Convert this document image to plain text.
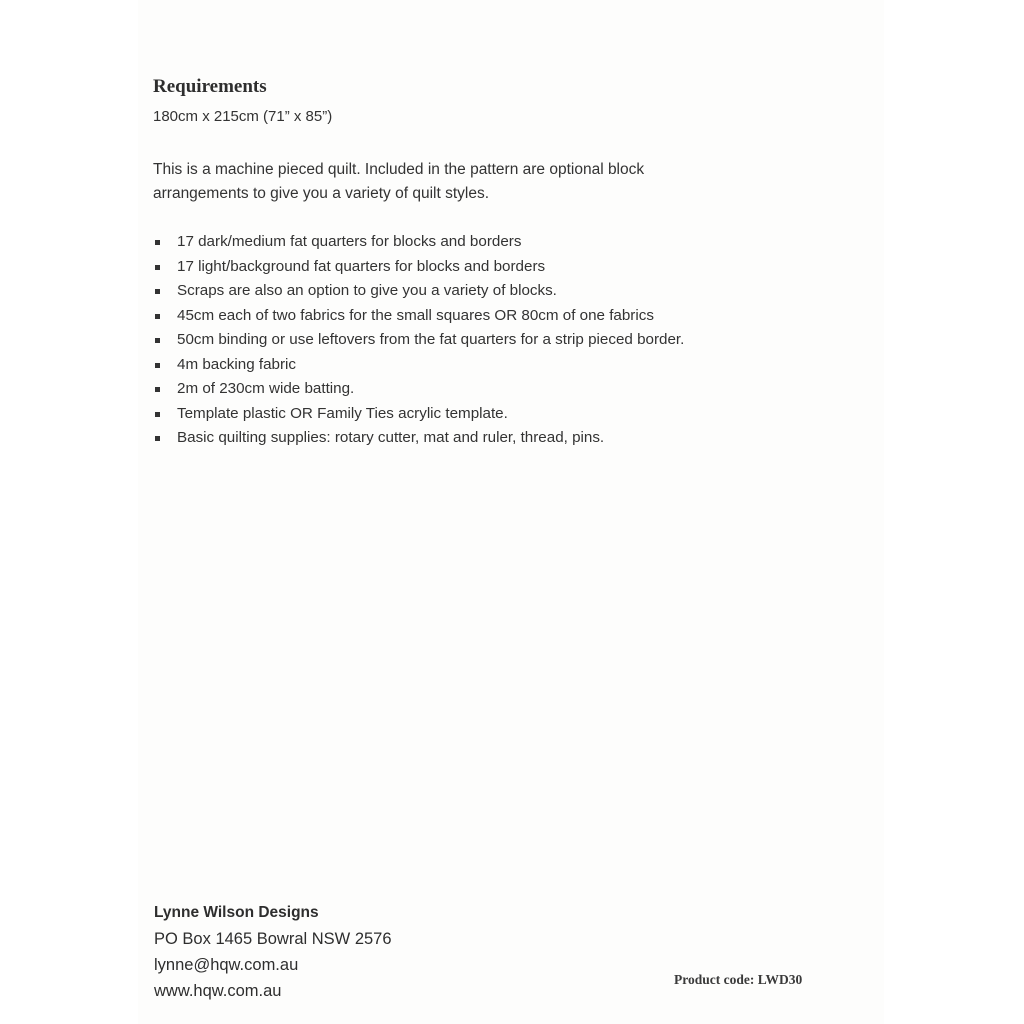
Requirements
180cm x 215cm (71” x 85”)
This is a machine pieced quilt. Included in the pattern are optional block
arrangements to give you a variety of quilt styles.
17 dark/medium fat quarters for blocks and borders
17 light/background fat quarters for blocks and borders
Scraps are also an option to give you a variety of blocks.
45cm each of two fabrics for the small squares OR 80cm of one fabrics
50cm binding or use leftovers from the fat quarters for a strip pieced border.
4m backing fabric
2m of 230cm wide batting.
Template plastic OR Family Ties acrylic template.
Basic quilting supplies: rotary cutter, mat and ruler, thread, pins.
Lynne Wilson Designs
PO Box 1465 Bowral NSW 2576
lynne@hqw.com.au
www.hqw.com.au
Product code: LWD30
